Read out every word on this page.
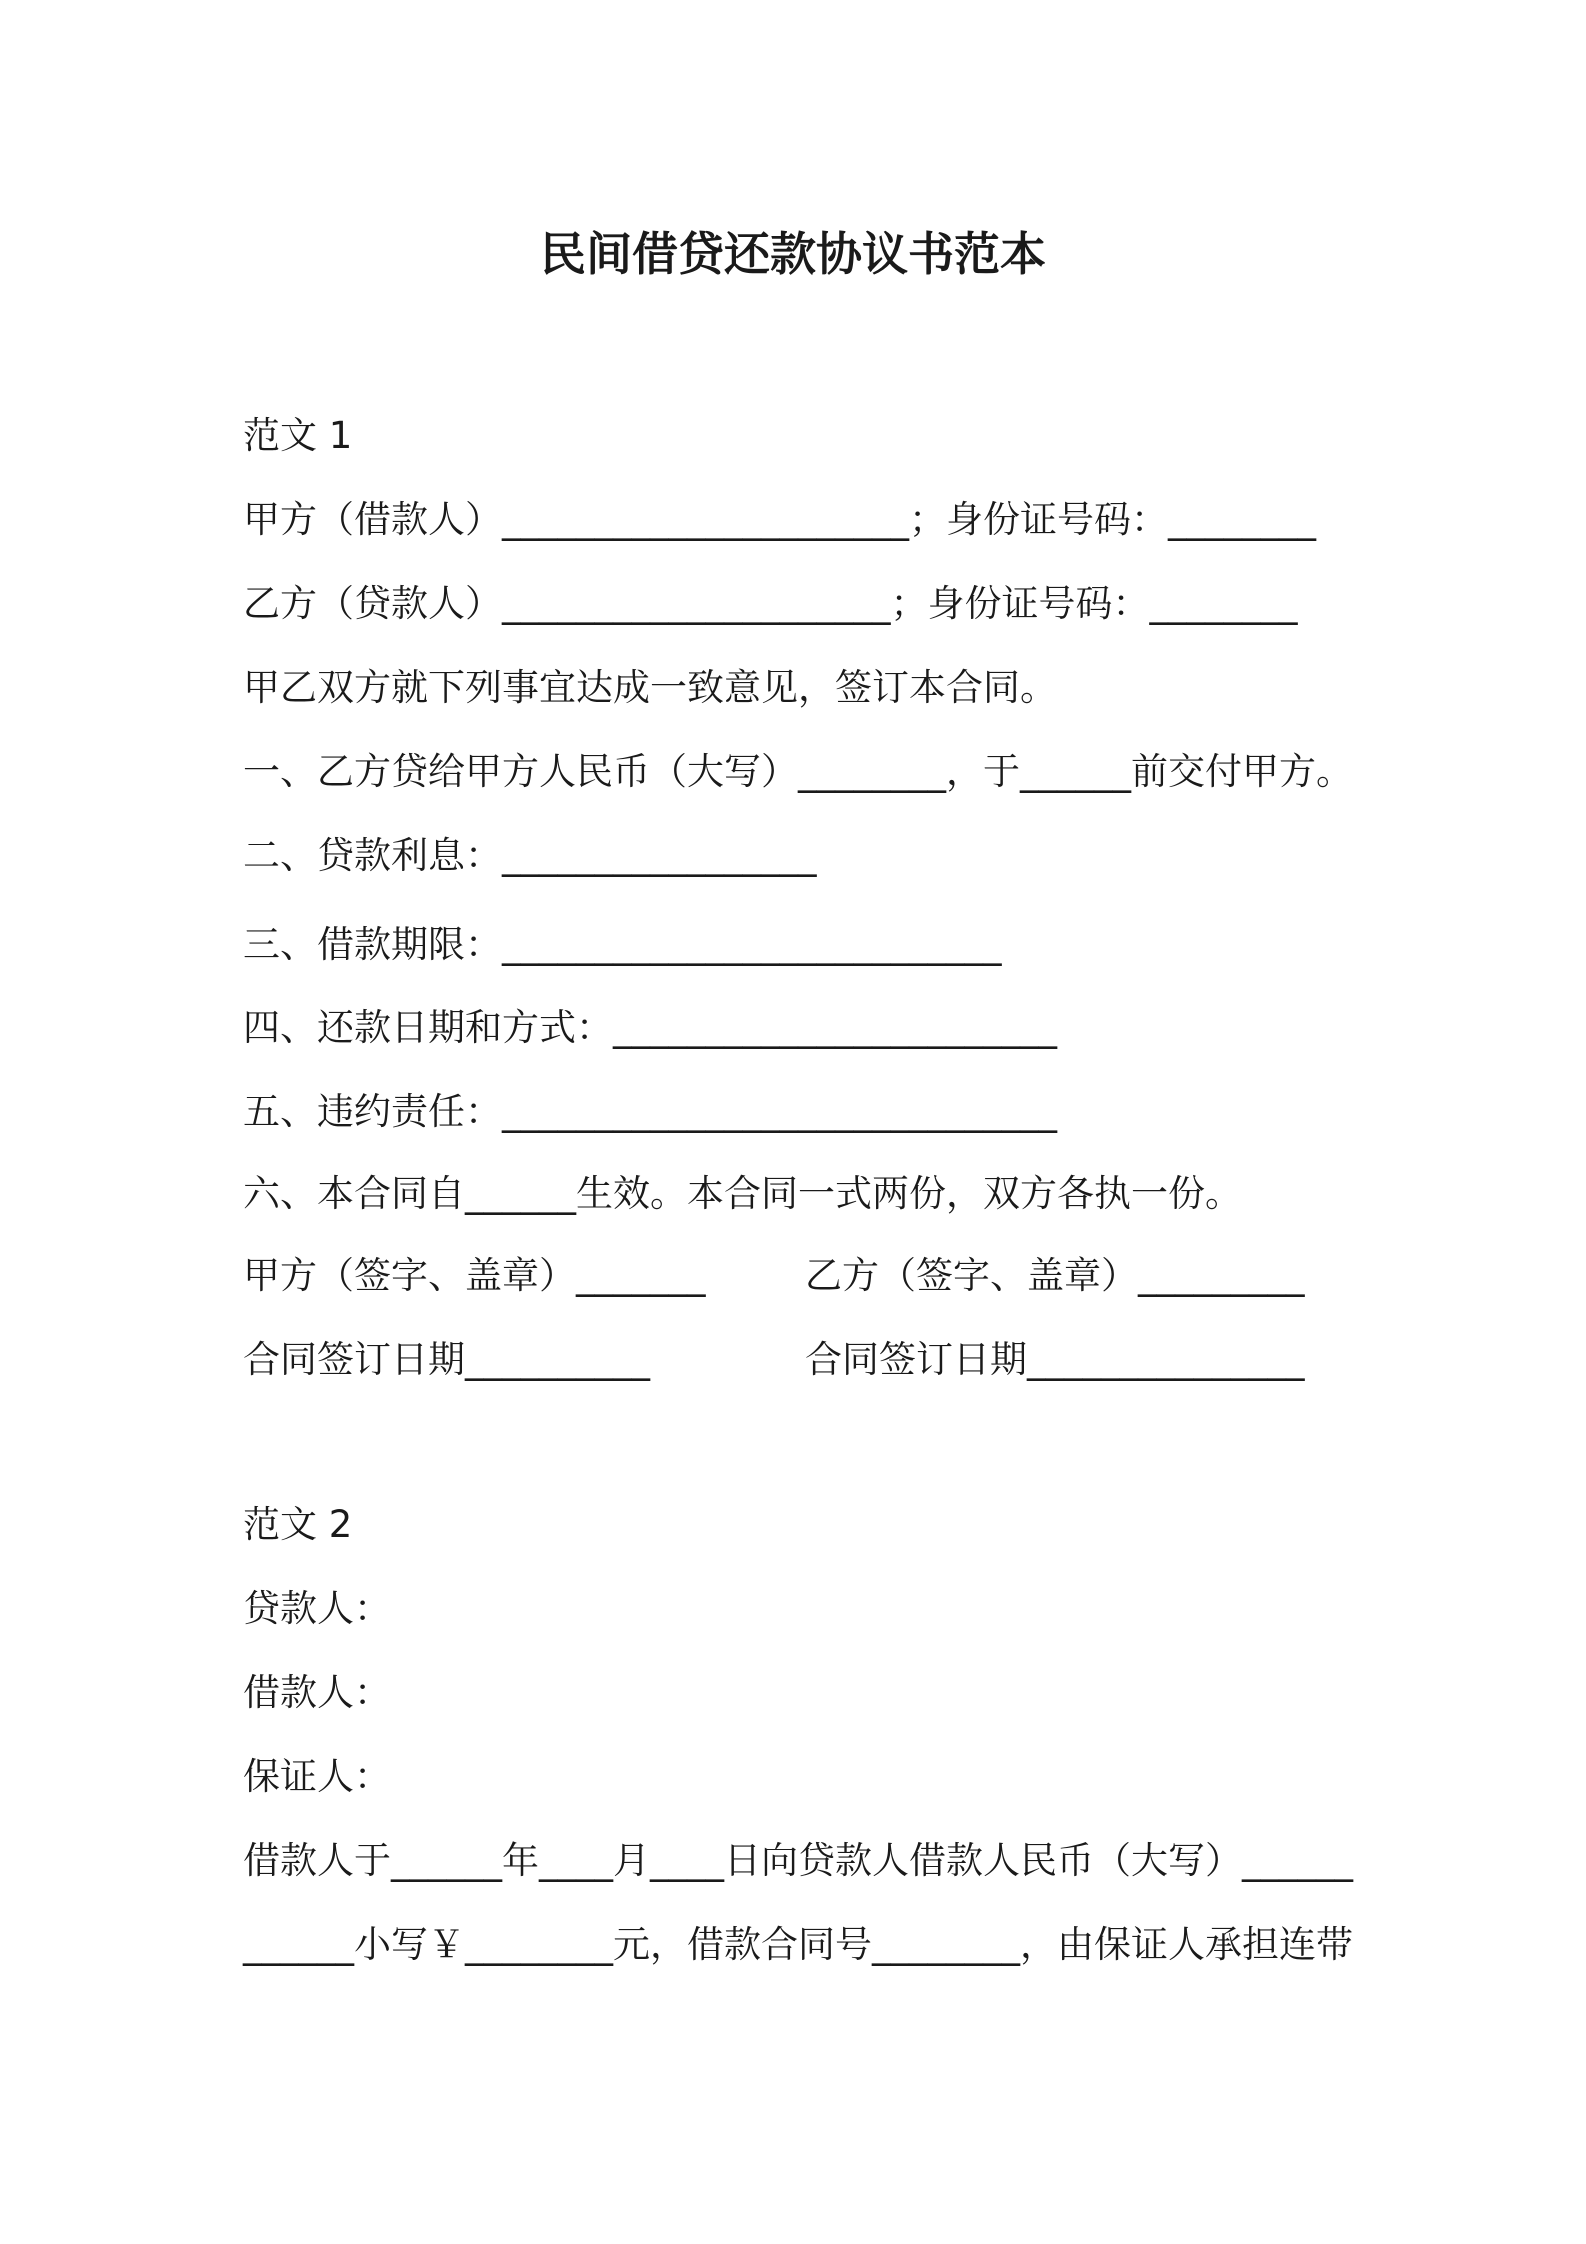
民间借贷还款协议书范本
范文 1
甲方（借款人）______________________；身份证号码：________
乙方（贷款人）_____________________；身份证号码：________
甲乙双方就下列事宜达成一致意见，签订本合同。
一、乙方贷给甲方人民币（大写）________，于______前交付甲方。
二、贷款利息：_________________
三、借款期限：___________________________
四、还款日期和方式：________________________
五、违约责任：______________________________
六、本合同自______生效。本合同一式两份，双方各执一份。
甲方（签字、盖章）_______	乙方（签字、盖章）_________
合同签订日期__________	合同签订日期_______________
范文 2
贷款人：
借款人：
保证人：
借款人于______年____月____日向贷款人借款人民币（大写）______
______小写￥________元，借款合同号________，由保证人承担连带
